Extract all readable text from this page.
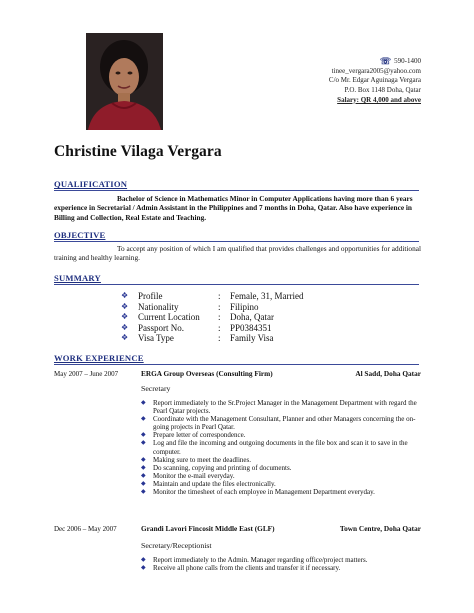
☏ 590-1400
tinee_vergara2005@yahoo.com
C/o Mr. Edgar Aguinaga Vergara
P.O. Box 1148 Doha, Qatar
Salary: QR 4,000 and above
Christine Vilaga Vergara
QUALIFICATION
Bachelor of Science in Mathematics Minor in Computer Applications having more than 6 years experience in Secretarial / Admin Assistant in the Philippines and 7 months in Doha, Qatar. Also have experience in Billing and Collection, Real Estate and Teaching.
OBJECTIVE
To accept any position of which I am qualified that provides challenges and opportunities for additional training and healthy learning.
SUMMARY
❖	Profile	:	Female, 31, Married
❖	Nationality	:	Filipino
❖	Current Location	:	Doha, Qatar
❖	Passport No.	:	PP0384351
❖	Visa Type	:	Family Visa
WORK EXPERIENCE
May 2007 – June 2007	ERGA Group Overseas (Consulting Firm)	Al Sadd, Doha Qatar
Secretary
◆ Report immediately to the Sr.Project Manager in the Management Department with regard the Pearl Qatar projects.
◆ Coordinate with the Management Consultant, Planner and other Managers concerning the on- going projects in Pearl Qatar.
◆ Prepare letter of correspondence.
◆ Log and file the incoming and outgoing documents in the file box and scan it to save in the computer.
◆ Making sure to meet the deadlines.
◆ Do scanning, copying and printing of documents.
◆ Monitor the e-mail everyday.
◆ Maintain and update the files electronically.
◆ Monitor the timesheet of each employee in Management Department everyday.
Dec 2006 – May 2007	Grandi Lavori Fincosit Middle East (GLF)	Town Centre, Doha Qatar
Secretary/Receptionist
◆ Report immediately to the Admin. Manager regarding office/project matters.
◆ Receive all phone calls from the clients and transfer it if necessary.
